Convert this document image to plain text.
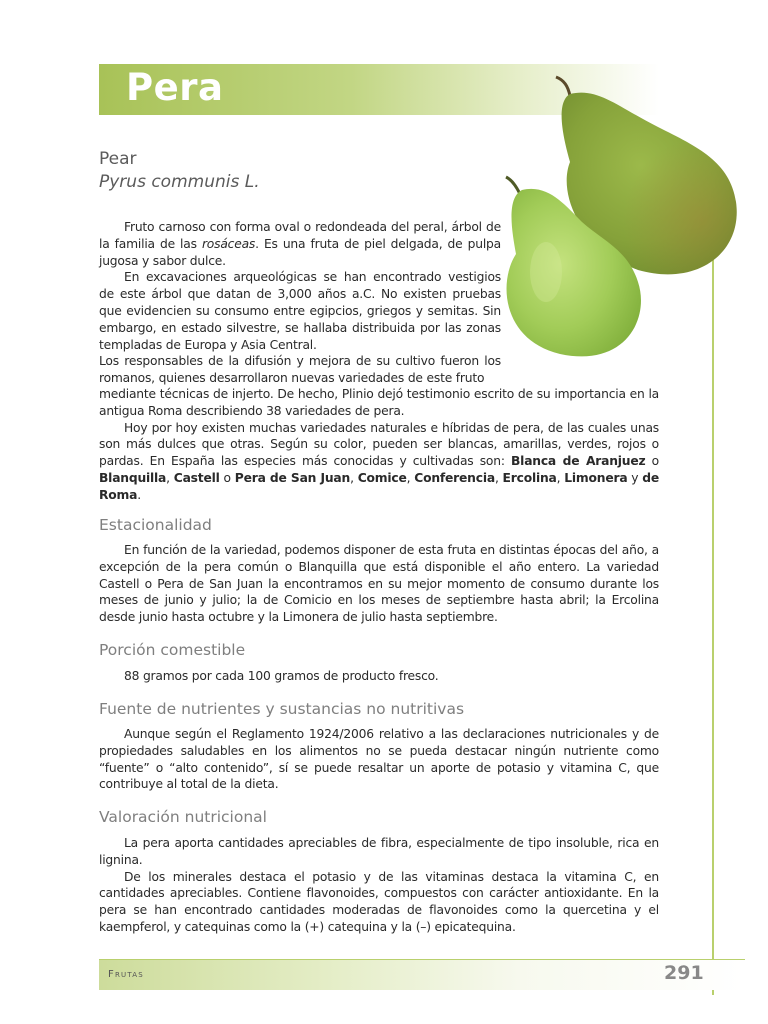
Pera
Pear
Pyrus communis L.

Fruto carnoso con forma oval o redondeada del peral, árbol de la familia de las rosáceas. Es una fruta de piel delgada, de pulpa jugosa y sabor dulce.

En excavaciones arqueológicas se han encontrado vestigios de este árbol que datan de 3,000 años a.C. No existen pruebas que evidencien su consumo entre egipcios, griegos y semitas. Sin embargo, en estado silvestre, se hallaba distribuida por las zonas templadas de Europa y Asia Central.

Los responsables de la difusión y mejora de su cultivo fueron los romanos, quienes desarrollaron nuevas variedades de este fruto

mediante técnicas de injerto. De hecho, Plinio dejó testimonio escrito de su importancia en la antigua Roma describiendo 38 variedades de pera.

Hoy por hoy existen muchas variedades naturales e híbridas de pera, de las cuales unas son más dulces que otras. Según su color, pueden ser blancas, amarillas, verdes, rojos o pardas. En España las especies más conocidas y cultivadas son: Blanca de Aranjuez o Blanquilla, Castell o Pera de San Juan, Comice, Conferencia, Ercolina, Limonera y de Roma.

Estacionalidad

En función de la variedad, podemos disponer de esta fruta en distintas épocas del año, a excepción de la pera común o Blanquilla que está disponible el año entero. La variedad Castell o Pera de San Juan la encontramos en su mejor momento de consumo durante los meses de junio y julio; la de Comicio en los meses de septiembre hasta abril; la Ercolina desde junio hasta octubre y la Limonera de julio hasta septiembre.

Porción comestible

88 gramos por cada 100 gramos de producto fresco.

Fuente de nutrientes y sustancias no nutritivas

Aunque según el Reglamento 1924/2006 relativo a las declaraciones nutricionales y de propiedades saludables en los alimentos no se pueda destacar ningún nutriente como “fuente” o “alto contenido”, sí se puede resaltar un aporte de potasio y vitamina C, que contribuye al total de la dieta.

Valoración nutricional

La pera aporta cantidades apreciables de fibra, especialmente de tipo insoluble, rica en lignina.

De los minerales destaca el potasio y de las vitaminas destaca la vitamina C, en cantidades apreciables. Contiene flavonoides, compuestos con carácter antioxidante. En la pera se han encontrado cantidades moderadas de flavonoides como la quercetina y el kaempferol, y catequinas como la (+) catequina y la (–) epicatequina.

Frutas	291
